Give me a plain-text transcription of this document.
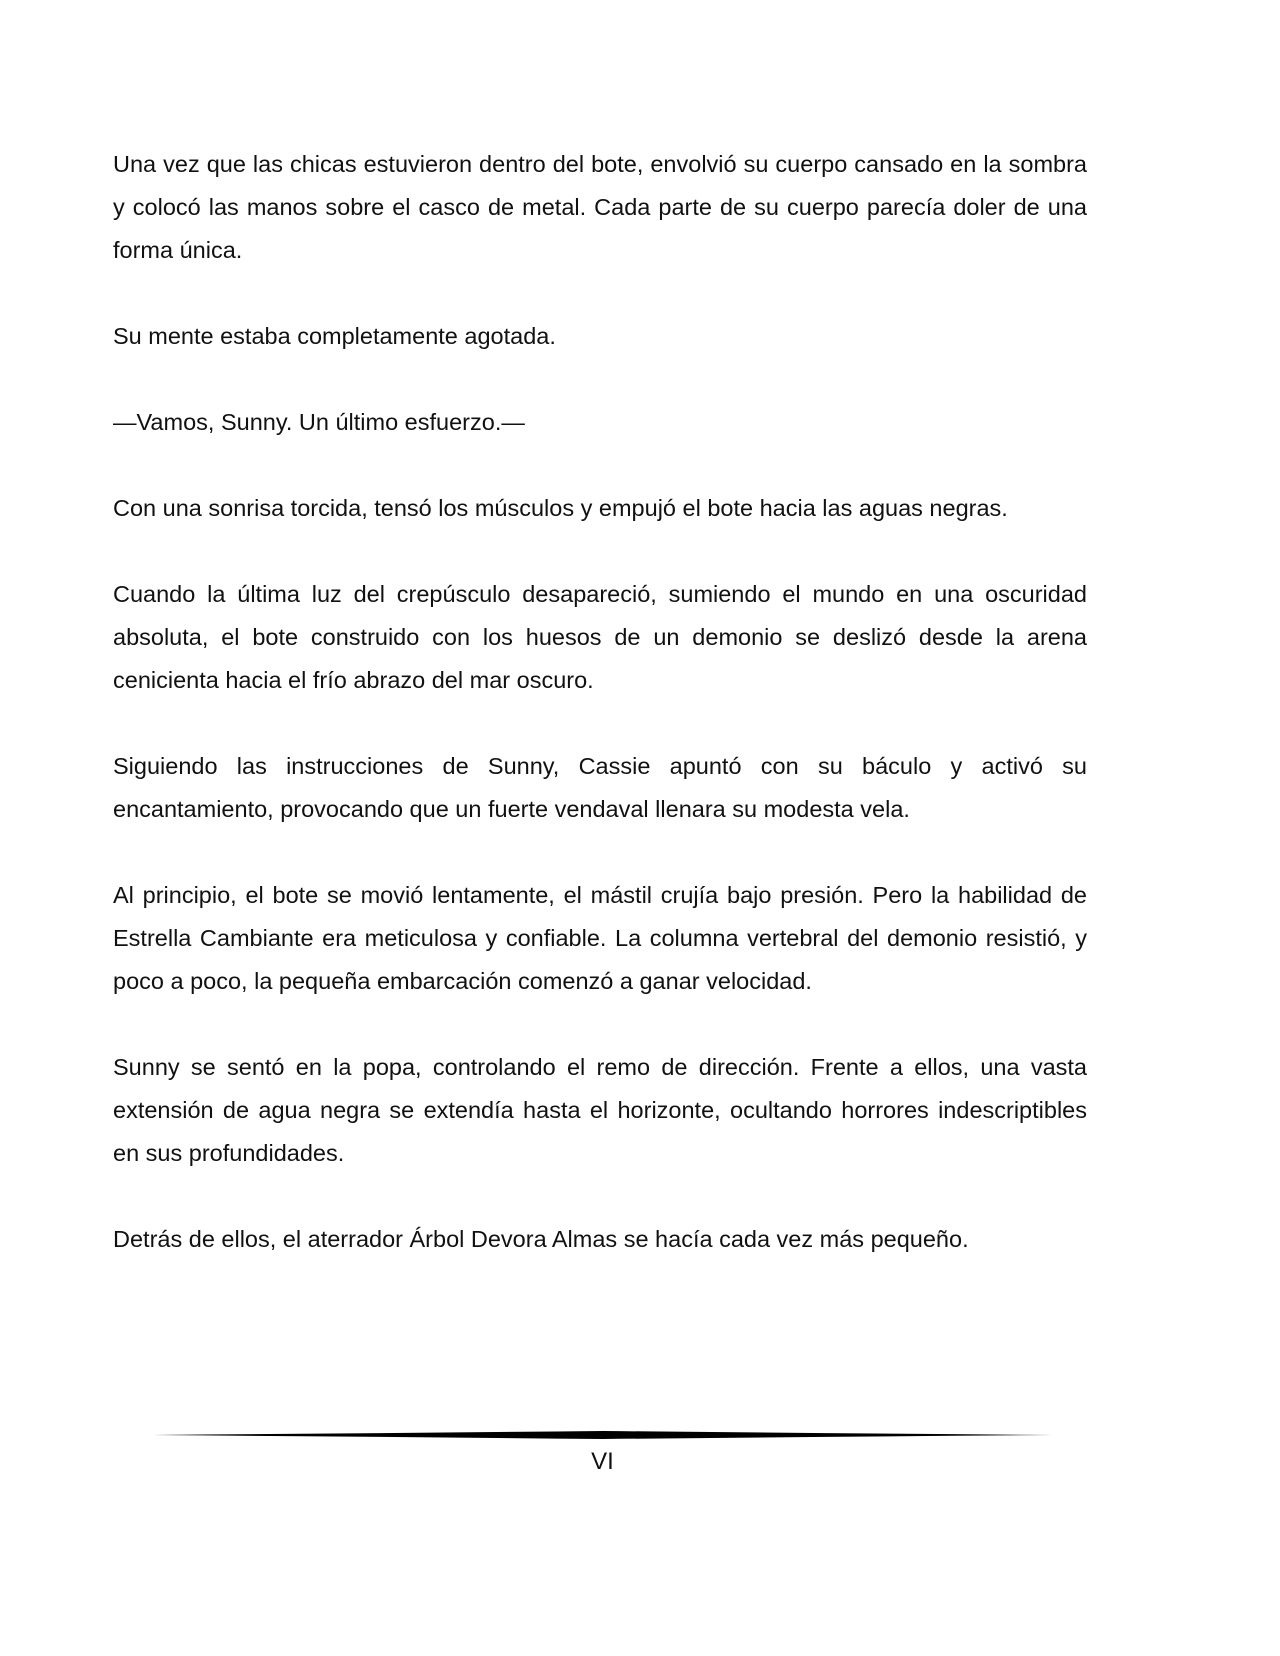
Una vez que las chicas estuvieron dentro del bote, envolvió su cuerpo cansado en la sombra y colocó las manos sobre el casco de metal. Cada parte de su cuerpo parecía doler de una forma única.

Su mente estaba completamente agotada.

—Vamos, Sunny. Un último esfuerzo.—

Con una sonrisa torcida, tensó los músculos y empujó el bote hacia las aguas negras.

Cuando la última luz del crepúsculo desapareció, sumiendo el mundo en una oscuridad absoluta, el bote construido con los huesos de un demonio se deslizó desde la arena cenicienta hacia el frío abrazo del mar oscuro.

Siguiendo las instrucciones de Sunny, Cassie apuntó con su báculo y activó su encantamiento, provocando que un fuerte vendaval llenara su modesta vela.

Al principio, el bote se movió lentamente, el mástil crujía bajo presión. Pero la habilidad de Estrella Cambiante era meticulosa y confiable. La columna vertebral del demonio resistió, y poco a poco, la pequeña embarcación comenzó a ganar velocidad.

Sunny se sentó en la popa, controlando el remo de dirección. Frente a ellos, una vasta extensión de agua negra se extendía hasta el horizonte, ocultando horrores indescriptibles en sus profundidades.

Detrás de ellos, el aterrador Árbol Devora Almas se hacía cada vez más pequeño.

VI
